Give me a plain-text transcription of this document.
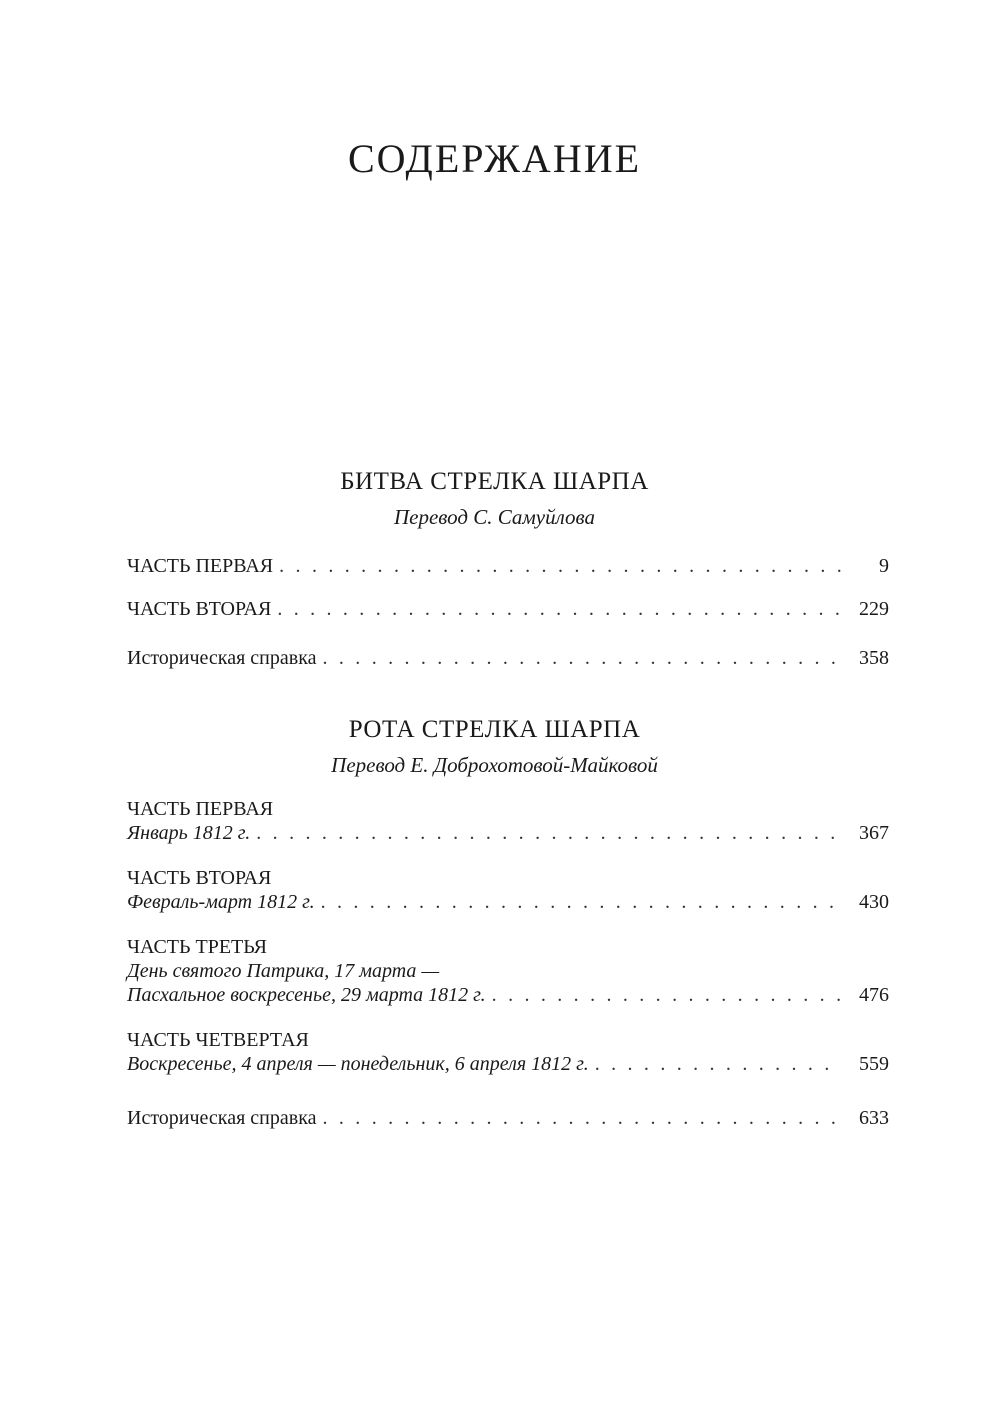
СОДЕРЖАНИЕ
БИТВА СТРЕЛКА ШАРПА
Перевод С. Самуйлова
ЧАСТЬ ПЕРВАЯ . . .	9
ЧАСТЬ ВТОРАЯ . . .	229
Историческая справка . . .	358
РОТА СТРЕЛКА ШАРПА
Перевод Е. Доброхотовой-Майковой
ЧАСТЬ ПЕРВАЯ
Январь 1812 г. . . .	367
ЧАСТЬ ВТОРАЯ
Февраль-март 1812 г. . . .	430
ЧАСТЬ ТРЕТЬЯ
День святого Патрика, 17 марта —
Пасхальное воскресенье, 29 марта 1812 г. . . .	476
ЧАСТЬ ЧЕТВЕРТАЯ
Воскресенье, 4 апреля — понедельник, 6 апреля 1812 г. . . .	559
Историческая справка . . .	633
